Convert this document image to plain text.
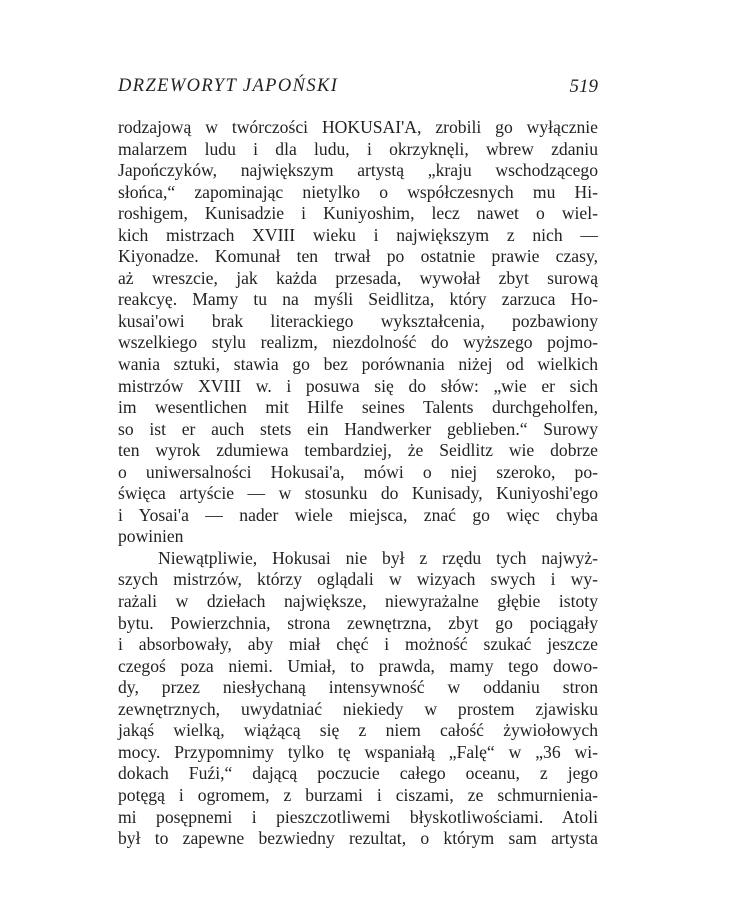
DRZEWORYT JAPOŃSKI	519
rodzajową w twórczości HOKUSAI'A, zrobili go wyłącznie
malarzem ludu i dla ludu, i okrzyknęli, wbrew zdaniu
Japończyków, największym artystą „kraju wschodzącego
słońca,“ zapominając nietylko o współczesnych mu Hi-
roshigem, Kunisadzie i Kuniyoshim, lecz nawet o wiel-
kich mistrzach XVIII wieku i największym z nich —
Kiyonadze. Komunał ten trwał po ostatnie prawie czasy,
aż wreszcie, jak każda przesada, wywołał zbyt surową
reakcyę. Mamy tu na myśli Seidlitza, który zarzuca Ho-
kusai'owi brak literackiego wykształcenia, pozbawiony
wszelkiego stylu realizm, niezdolność do wyższego pojmo-
wania sztuki, stawia go bez porównania niżej od wielkich
mistrzów XVIII w. i posuwa się do słów: „wie er sich
im wesentlichen mit Hilfe seines Talents durchgeholfen,
so ist er auch stets ein Handwerker geblieben.“ Surowy
ten wyrok zdumiewa tembardziej, że Seidlitz wie dobrze
o uniwersalności Hokusai'a, mówi o niej szeroko, po-
święca artyście — w stosunku do Kunisady, Kuniyoshi'ego
i Yosai'a — nader wiele miejsca, znać go więc chyba
powinien
Niewątpliwie, Hokusai nie był z rzędu tych najwyż-
szych mistrzów, którzy oglądali w wizyach swych i wy-
rażali w dziełach największe, niewyrażalne głębie istoty
bytu. Powierzchnia, strona zewnętrzna, zbyt go pociągały
i absorbowały, aby miał chęć i możność szukać jeszcze
czegoś poza niemi. Umiał, to prawda, mamy tego dowo-
dy, przez niesłychaną intensywność w oddaniu stron
zewnętrznych, uwydatniać niekiedy w prostem zjawisku
jakąś wielką, wiążącą się z niem całość żywiołowych
mocy. Przypomnimy tylko tę wspaniałą „Falę“ w „36 wi-
dokach Fuźi,“ dającą poczucie całego oceanu, z jego
potęgą i ogromem, z burzami i ciszami, ze schmurnienia-
mi posępnemi i pieszczotliwemi błyskotliwościami. Atoli
był to zapewne bezwiedny rezultat, o którym sam artysta
